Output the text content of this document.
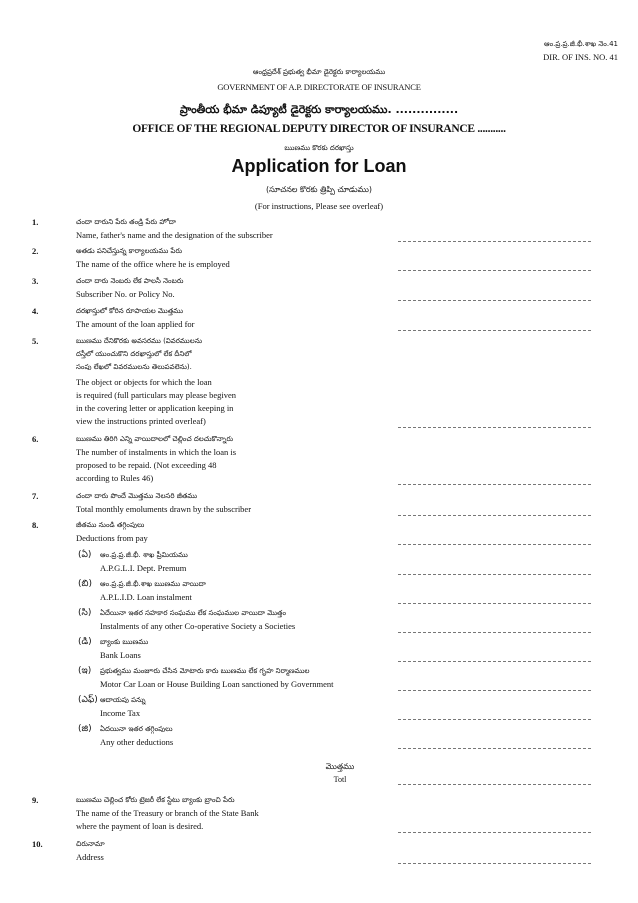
ఆం.ప్ర.ప్ర.జీ.భీ.శాఖ నెం.41
DIR. OF INS. NO. 41
ఆంధ్రప్రదేశ్ ప్రభుత్వ భీమా డైరెక్టరు కార్యాలయము
GOVERNMENT OF A.P. DIRECTORATE OF INSURANCE
ప్రాంతీయ భీమా డిప్యూటీ డైరెక్టరు కార్యాలయము. ...............
OFFICE OF THE REGIONAL DEPUTY DIRECTOR OF INSURANCE ...........
ఋణము కొరకు దరఖాస్తు
Application for Loan
(సూచనల కొరకు త్రిప్పి చూడుము)
(For instructions, Please see overleaf)
1.	చందా దారుని పేరు తండ్రి పేరు హోదా
Name, father's name and the designation of the subscriber
2.	అతడు పనిచేస్తున్న కార్యాలయము పేరు
The name of the office where he is employed
3.	చందా దారు నెంబరు లేక పాలసీ నెంబరు
Subscriber No. or Policy No.
4.	దరఖాస్తులో కోరిన రూపాయల మొత్తము
The amount of the loan applied for
5.	ఋణము దేనికొరకు అవసరము (వివరములను
దస్తీలో యుంచుకొని దరఖాస్తులో లేక దీనిలో
సంపు లేఖలో వివరములను తెలుపవలెను).
The object or objects for which the loan
is required (full particulars may please begiven
in the covering letter or application keeping in
view the instructions printed overleaf)
6.	ఋణము తిరిగి ఎన్ని వాయిదాలలో చెల్లించ దలచుకొన్నారు
The number of instalments in which the loan is
proposed to be repaid. (Not exceeding 48
according to Rules 46)
7.	చందా దారు పొందే మొత్తము నెలసరి జీతము
Total monthly emoluments drawn by the subscriber
8.	జీతము నుండి తగ్గింపులు
Deductions from pay
(ఏ) ఆం.ప్ర.ప్ర.జీ.భీ. శాఖ ప్రీమియము
A.P.G.L.I. Dept. Premum
(బి) ఆం.ప్ర.ప్ర.జీ.భీ.శాఖ ఋణము వాయిదా
A.P.L.I.D. Loan instalment
(సి) ఏదేయినా ఇతర సహకార సంఘము లేక సంఘముల వాయిదా మొత్తం
Instalments of any other Co-operative Society a Societies
(డి) బ్యాంకు ఋణము
Bank Loans
(ఇ) ప్రభుత్వము మంజూరు చేసిన మోటారు కారు ఋణము లేక గృహ నిర్మాణముల
Motor Car Loan or House Building Loan sanctioned by Government
(ఎఫ్) ఆదాయపు పన్ను
Income Tax
(జి) ఏదయినా ఇతర తగ్గింపులు
Any other deductions
మొత్తము
Totl
9.	ఋణము చెల్లించ కోరు ట్రెజరీ లేక స్టేటు బ్యాంకు బ్రాంచి పేరు
The name of the Treasury or branch of the State Bank
where the payment of loan is desired.
10.	చిరునామా
Address
